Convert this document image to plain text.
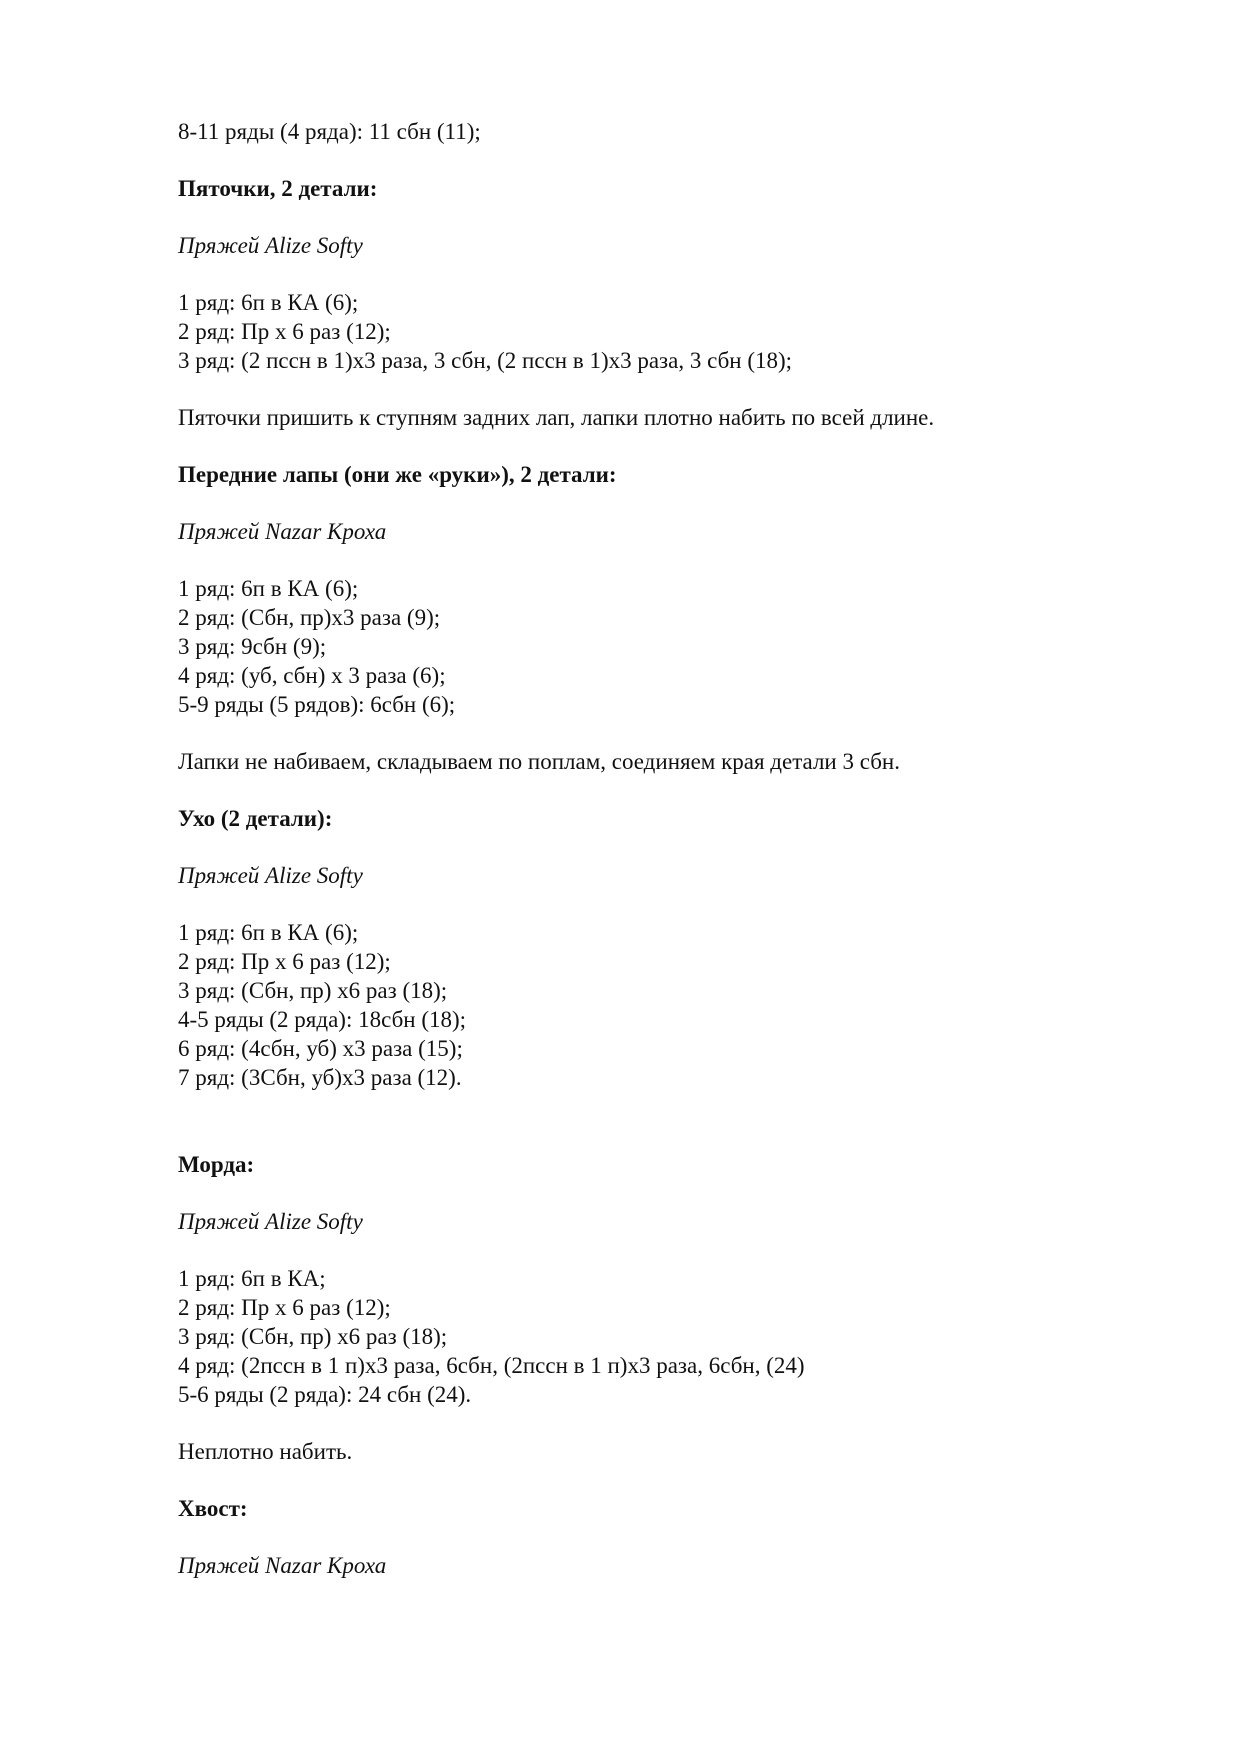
8-11 ряды (4 ряда): 11 сбн (11);
Пяточки, 2 детали:
Пряжей Alize Softy
1 ряд: 6п в КА (6);
2 ряд: Пр х 6 раз (12);
3 ряд: (2 пссн в 1)х3 раза, 3 сбн, (2 пссн в 1)х3 раза, 3 сбн (18);
Пяточки пришить к ступням задних лап, лапки плотно набить по всей длине.
Передние лапы (они же «руки»), 2 детали:
Пряжей Nazar Кроха
1 ряд: 6п в КА (6);
2 ряд: (Сбн, пр)х3 раза (9);
3 ряд: 9сбн (9);
4 ряд: (уб, сбн) х 3 раза (6);
5-9 ряды (5 рядов): 6сбн (6);
Лапки не набиваем, складываем по поплам, соединяем края детали 3 сбн.
Ухо (2 детали):
Пряжей Alize Softy
1 ряд: 6п в КА (6);
2 ряд: Пр х 6 раз (12);
3 ряд: (Сбн, пр) х6 раз (18);
4-5 ряды (2 ряда): 18сбн (18);
6 ряд: (4сбн, уб) х3 раза (15);
7 ряд: (3Сбн, уб)х3 раза (12).
Морда:
Пряжей Alize Softy
1 ряд: 6п в КА;
2 ряд: Пр х 6 раз (12);
3 ряд: (Сбн, пр) х6 раз (18);
4 ряд: (2пссн в 1 п)х3 раза, 6сбн, (2пссн в 1 п)х3 раза, 6сбн, (24)
5-6 ряды (2 ряда): 24 сбн (24).
Неплотно набить.
Хвост:
Пряжей Nazar Кроха
